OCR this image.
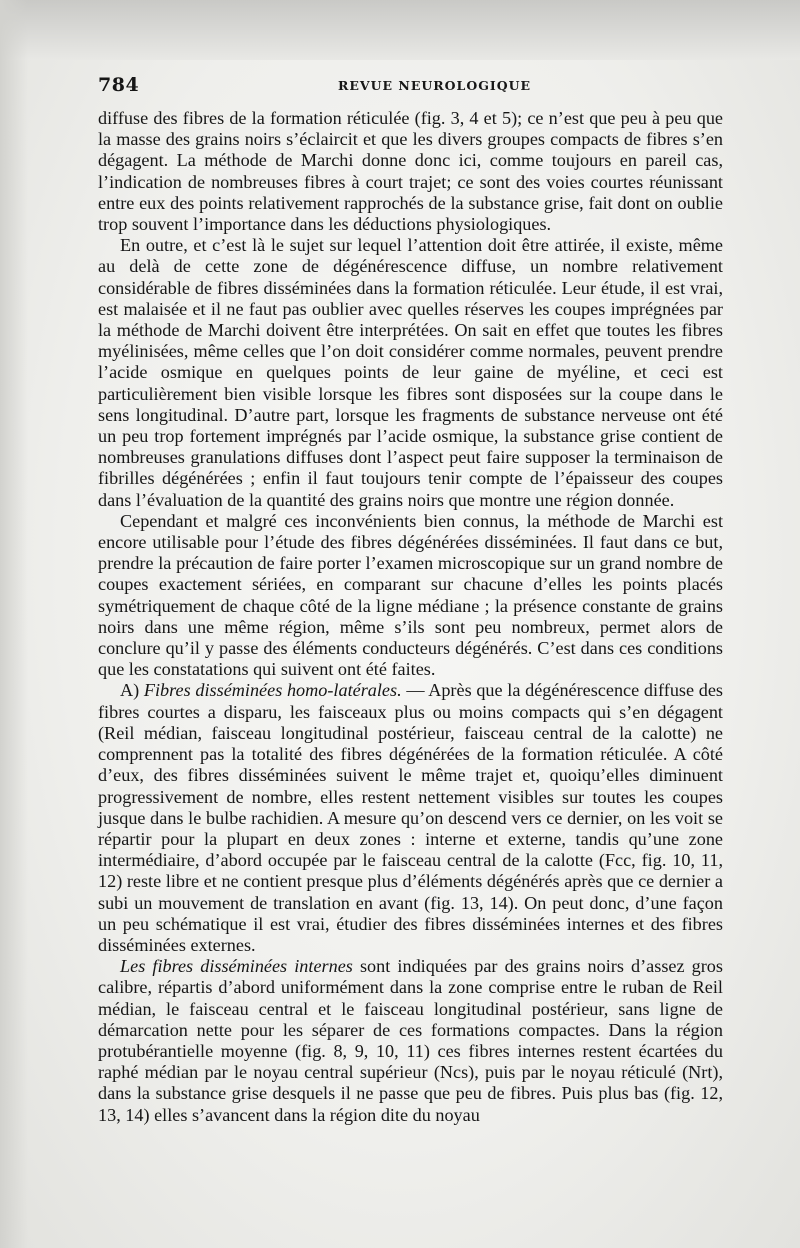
784	REVUE NEUROLOGIQUE

diffuse des fibres de la formation réticulée (fig. 3, 4 et 5); ce n’est que peu à peu que la masse des grains noirs s’éclaircit et que les divers groupes compacts de fibres s’en dégagent. La méthode de Marchi donne donc ici, comme toujours en pareil cas, l’indication de nombreuses fibres à court trajet; ce sont des voies courtes réunissant entre eux des points relativement rapprochés de la substance grise, fait dont on oublie trop souvent l’importance dans les déductions physiologiques.

En outre, et c’est là le sujet sur lequel l’attention doit être attirée, il existe, même au delà de cette zone de dégénérescence diffuse, un nombre relativement considérable de fibres disséminées dans la formation réticulée. Leur étude, il est vrai, est malaisée et il ne faut pas oublier avec quelles réserves les coupes imprégnées par la méthode de Marchi doivent être interprétées. On sait en effet que toutes les fibres myélinisées, même celles que l’on doit considérer comme normales, peuvent prendre l’acide osmique en quelques points de leur gaine de myéline, et ceci est particulièrement bien visible lorsque les fibres sont disposées sur la coupe dans le sens longitudinal. D’autre part, lorsque les fragments de substance nerveuse ont été un peu trop fortement imprégnés par l’acide osmique, la substance grise contient de nombreuses granulations diffuses dont l’aspect peut faire supposer la terminaison de fibrilles dégénérées ; enfin il faut toujours tenir compte de l’épaisseur des coupes dans l’évaluation de la quantité des grains noirs que montre une région donnée.

Cependant et malgré ces inconvénients bien connus, la méthode de Marchi est encore utilisable pour l’étude des fibres dégénérées disséminées. Il faut dans ce but, prendre la précaution de faire porter l’examen microscopique sur un grand nombre de coupes exactement sériées, en comparant sur chacune d’elles les points placés symétriquement de chaque côté de la ligne médiane ; la présence constante de grains noirs dans une même région, même s’ils sont peu nombreux, permet alors de conclure qu’il y passe des éléments conducteurs dégénérés. C’est dans ces conditions que les constatations qui suivent ont été faites.

A) Fibres disséminées homo-latérales. — Après que la dégénérescence diffuse des fibres courtes a disparu, les faisceaux plus ou moins compacts qui s’en dégagent (Reil médian, faisceau longitudinal postérieur, faisceau central de la calotte) ne comprennent pas la totalité des fibres dégénérées de la formation réticulée. A côté d’eux, des fibres disséminées suivent le même trajet et, quoiqu’elles diminuent progressivement de nombre, elles restent nettement visibles sur toutes les coupes jusque dans le bulbe rachidien. A mesure qu’on descend vers ce dernier, on les voit se répartir pour la plupart en deux zones : interne et externe, tandis qu’une zone intermédiaire, d’abord occupée par le faisceau central de la calotte (Fcc, fig. 10, 11, 12) reste libre et ne contient presque plus d’éléments dégénérés après que ce dernier a subi un mouvement de translation en avant (fig. 13, 14). On peut donc, d’une façon un peu schématique il est vrai, étudier des fibres disséminées internes et des fibres disséminées externes.

Les fibres disséminées internes sont indiquées par des grains noirs d’assez gros calibre, répartis d’abord uniformément dans la zone comprise entre le ruban de Reil médian, le faisceau central et le faisceau longitudinal postérieur, sans ligne de démarcation nette pour les séparer de ces formations compactes. Dans la région protubérantielle moyenne (fig. 8, 9, 10, 11) ces fibres internes restent écartées du raphé médian par le noyau central supérieur (Ncs), puis par le noyau réticulé (Nrt), dans la substance grise desquels il ne passe que peu de fibres. Puis plus bas (fig. 12, 13, 14) elles s’avancent dans la région dite du noyau
